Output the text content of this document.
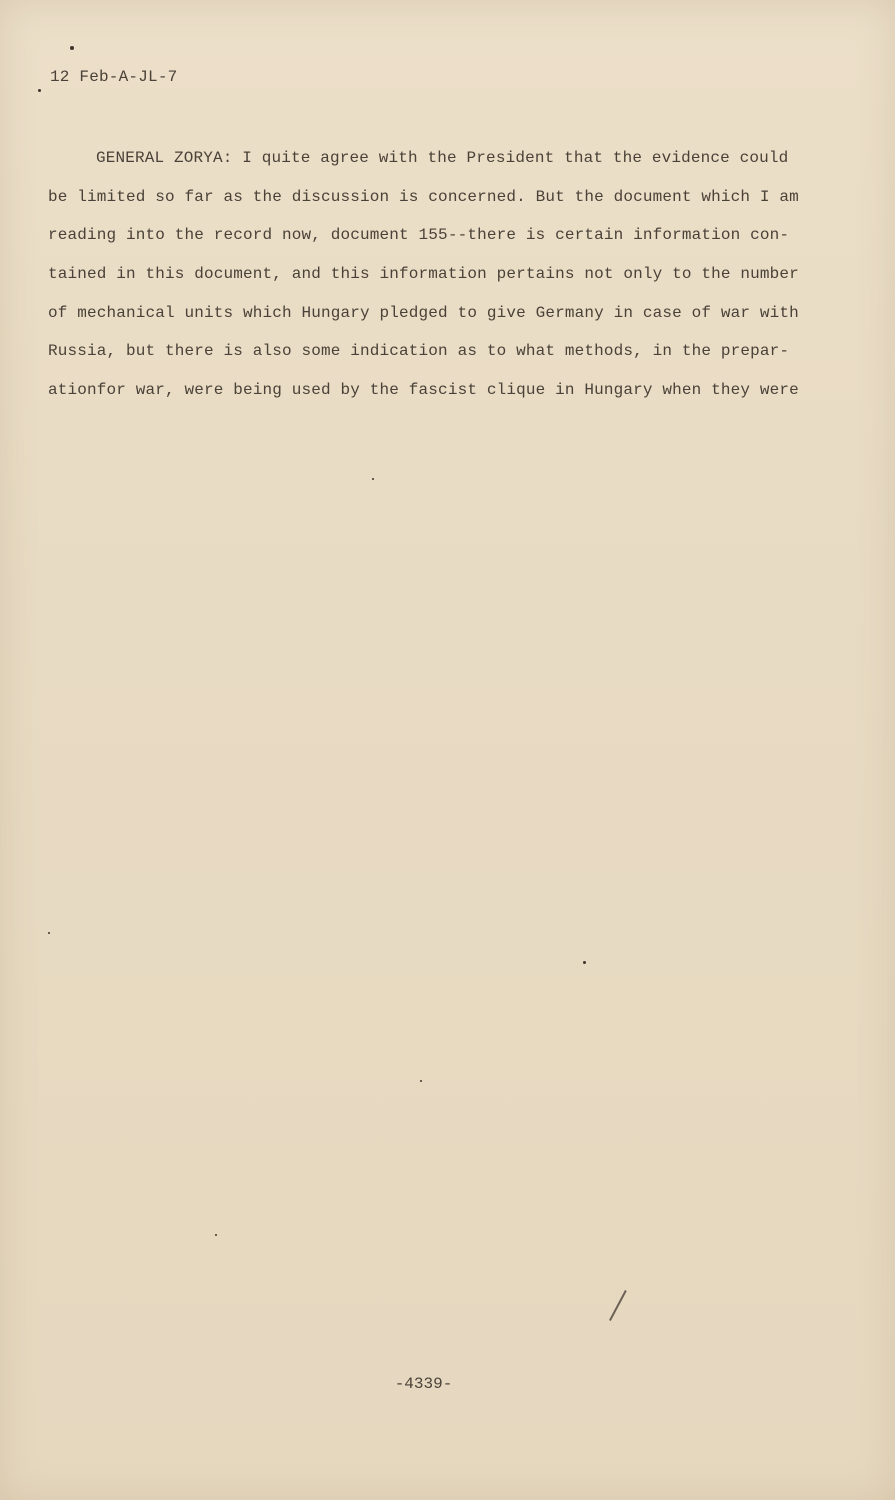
12 Feb-A-JL-7
GENERAL ZORYA: I quite agree with the President that the evidence could
be limited so far as the discussion is concerned. But the document which I am
reading into the record now, document 155--there is certain information con-
tained in this document, and this information pertains not only to the number
of mechanical units which Hungary pledged to give Germany in case of war with
Russia, but there is also some indication as to what methods, in the prepar-
ationfor war, were being used by the fascist clique in Hungary when they were
-4339-
